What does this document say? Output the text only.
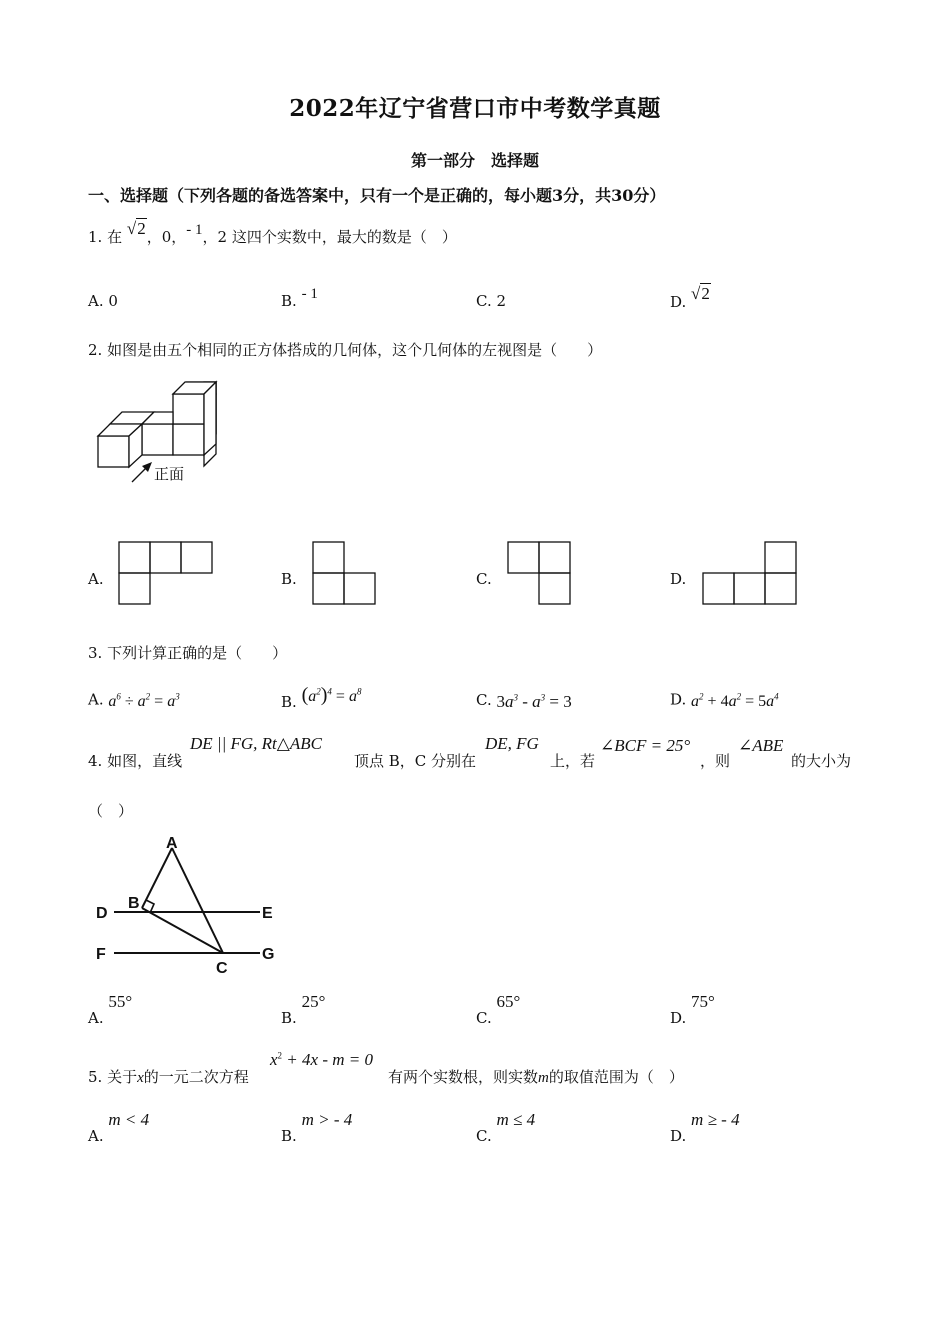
2022年辽宁省营口市中考数学真题
第一部分　选择题
一、选择题（下列各题的备选答案中，只有一个是正确的，每小题3分，共30分）
1. 在 √2，0，- 1，2 这四个实数中，最大的数是（　）
A. 0	B. - 1	C. 2	D. √2
2. 如图是由五个相同的正方体搭成的几何体，这个几何体的左视图是（　　）
正面
A.	B.	C.	D.
3. 下列计算正确的是（　　）
A. $a^6 \div a^2 = a^3$	B. $(a^2)^4 = a^8$	C. $3a^3 - a^3 = 3$	D. $a^2 + 4a^2 = 5a^4$
4. 如图，直线
DE || FG, Rt△ABC
顶点 B，C 分别在
DE, FG
上，若
∠BCF = 25°
，则
∠ABE
的大小为
（　）
A
B
C
D	E
F	G
A. 55°
B. 25°
C. 65°
D. 75°
5. 关于x的一元二次方程
$x^2 + 4x - m = 0$
有两个实数根，则实数m的取值范围为（　）
A. m < 4
B. m > - 4
C. m ≤ 4
D. m ≥ - 4
